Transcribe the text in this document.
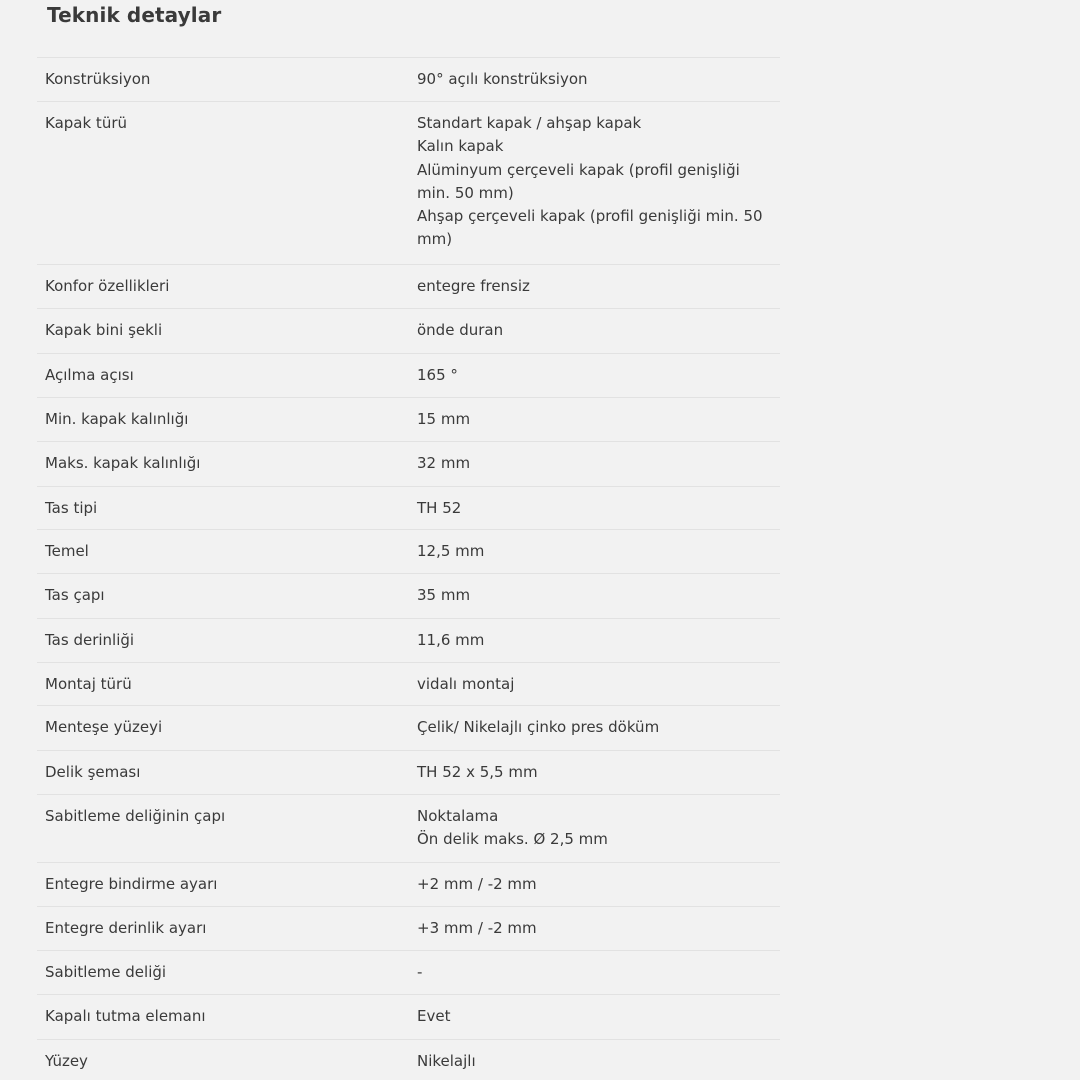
Teknik detaylar
Konstrüksiyon	90° açılı konstrüksiyon
Kapak türü	Standart kapak / ahşap kapak
Kalın kapak
Alüminyum çerçeveli kapak (profil genişliği
min. 50 mm)
Ahşap çerçeveli kapak (profil genişliği min. 50
mm)
Konfor özellikleri	entegre frensiz
Kapak bini şekli	önde duran
Açılma açısı	165 °
Min. kapak kalınlığı	15 mm
Maks. kapak kalınlığı	32 mm
Tas tipi	TH 52
Temel	12,5 mm
Tas çapı	35 mm
Tas derinliği	11,6 mm
Montaj türü	vidalı montaj
Menteşe yüzeyi	Çelik/ Nikelajlı çinko pres döküm
Delik şeması	TH 52 x 5,5 mm
Sabitleme deliğinin çapı	Noktalama
Ön delik maks. Ø 2,5 mm
Entegre bindirme ayarı	+2 mm / -2 mm
Entegre derinlik ayarı	+3 mm / -2 mm
Sabitleme deliği	-
Kapalı tutma elemanı	Evet
Yüzey	Nikelajlı
